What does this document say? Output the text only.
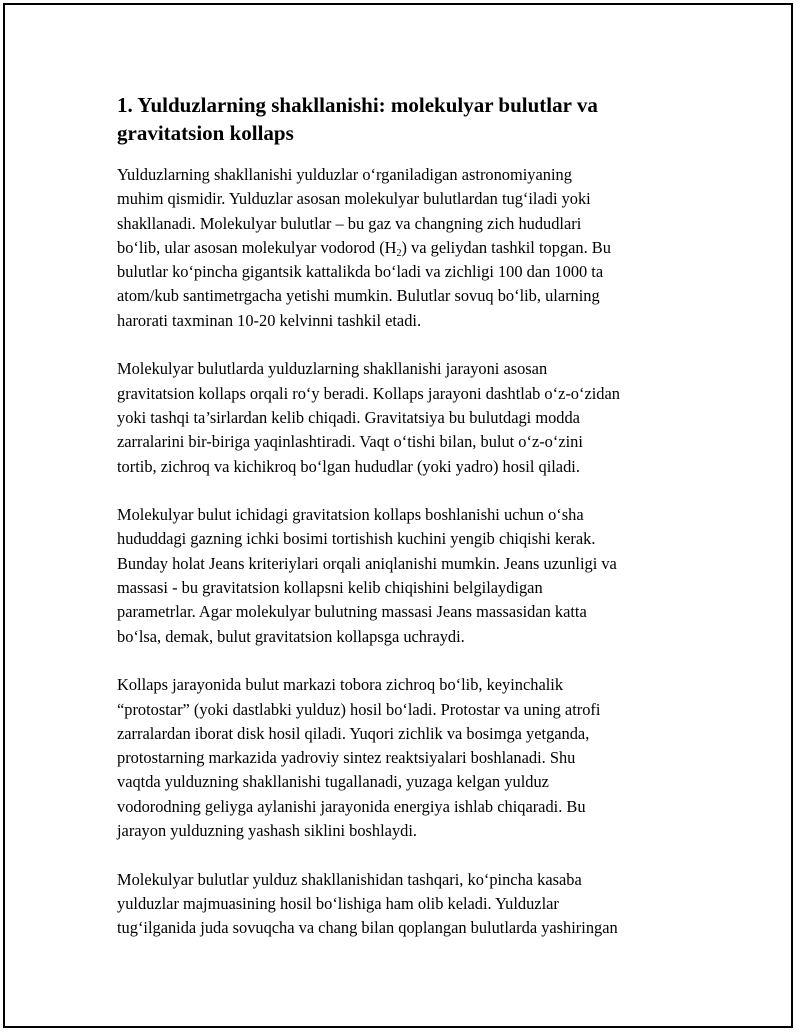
1. Yulduzlarning shakllanishi: molekulyar bulutlar va gravitatsion kollaps

Yulduzlarning shakllanishi yulduzlar o‘rganiladigan astronomiyaning
muhim qismidir. Yulduzlar asosan molekulyar bulutlardan tug‘iladi yoki
shakllanadi. Molekulyar bulutlar – bu gaz va changning zich hududlari
bo‘lib, ular asosan molekulyar vodorod $(H_2)$ va geliydan tashkil topgan. Bu
bulutlar ko‘pincha gigantsik kattalikda bo‘ladi va zichligi 100 dan 1000 ta
atom/kub santimetrgacha yetishi mumkin. Bulutlar sovuq bo‘lib, ularning
harorati taxminan 10-20 kelvinni tashkil etadi.

Molekulyar bulutlarda yulduzlarning shakllanishi jarayoni asosan
gravitatsion kollaps orqali ro‘y beradi. Kollaps jarayoni dashtlab o‘z-o‘zidan
yoki tashqi ta’sirlardan kelib chiqadi. Gravitatsiya bu bulutdagi modda
zarralarini bir-biriga yaqinlashtiradi. Vaqt o‘tishi bilan, bulut o‘z-o‘zini
tortib, zichroq va kichikroq bo‘lgan hududlar (yoki yadro) hosil qiladi.

Molekulyar bulut ichidagi gravitatsion kollaps boshlanishi uchun o‘sha
hududdagi gazning ichki bosimi tortishish kuchini yengib chiqishi kerak.
Bunday holat Jeans kriteriylari orqali aniqlanishi mumkin. Jeans uzunligi va
massasi - bu gravitatsion kollapsni kelib chiqishini belgilaydigan
parametrlar. Agar molekulyar bulutning massasi Jeans massasidan katta
bo‘lsa, demak, bulut gravitatsion kollapsga uchraydi.

Kollaps jarayonida bulut markazi tobora zichroq bo‘lib, keyinchalik
“protostar” (yoki dastlabki yulduz) hosil bo‘ladi. Protostar va uning atrofi
zarralardan iborat disk hosil qiladi. Yuqori zichlik va bosimga yetganda,
protostarning markazida yadroviy sintez reaktsiyalari boshlanadi. Shu
vaqtda yulduzning shakllanishi tugallanadi, yuzaga kelgan yulduz
vodorodning geliyga aylanishi jarayonida energiya ishlab chiqaradi. Bu
jarayon yulduzning yashash siklini boshlaydi.

Molekulyar bulutlar yulduz shakllanishidan tashqari, ko‘pincha kasaba
yulduzlar majmuasining hosil bo‘lishiga ham olib keladi. Yulduzlar
tug‘ilganida juda sovuqcha va chang bilan qoplangan bulutlarda yashiringan
